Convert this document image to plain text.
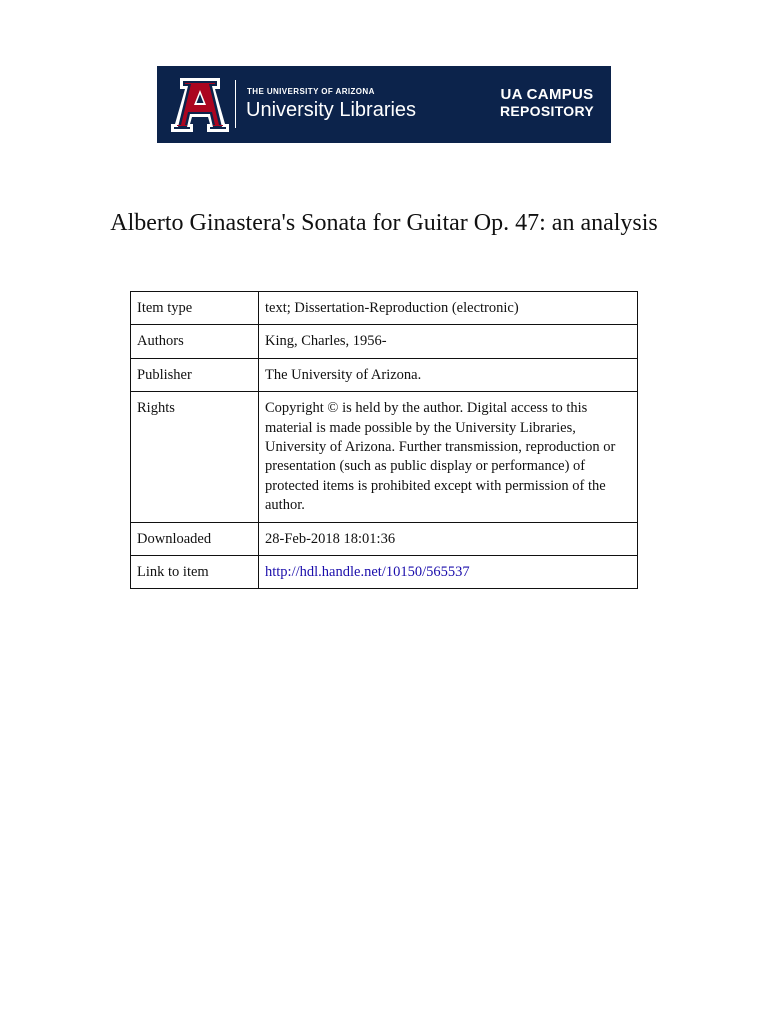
THE UNIVERSITY OF ARIZONA
University Libraries
UA CAMPUS
REPOSITORY
Alberto Ginastera's Sonata for Guitar Op. 47: an analysis
Item type	text; Dissertation-Reproduction (electronic)
Authors	King, Charles, 1956-
Publisher	The University of Arizona.
Rights	Copyright © is held by the author. Digital access to this material is made possible by the University Libraries, University of Arizona. Further transmission, reproduction or presentation (such as public display or performance) of protected items is prohibited except with permission of the author.
Downloaded	28-Feb-2018 18:01:36
Link to item	http://hdl.handle.net/10150/565537
